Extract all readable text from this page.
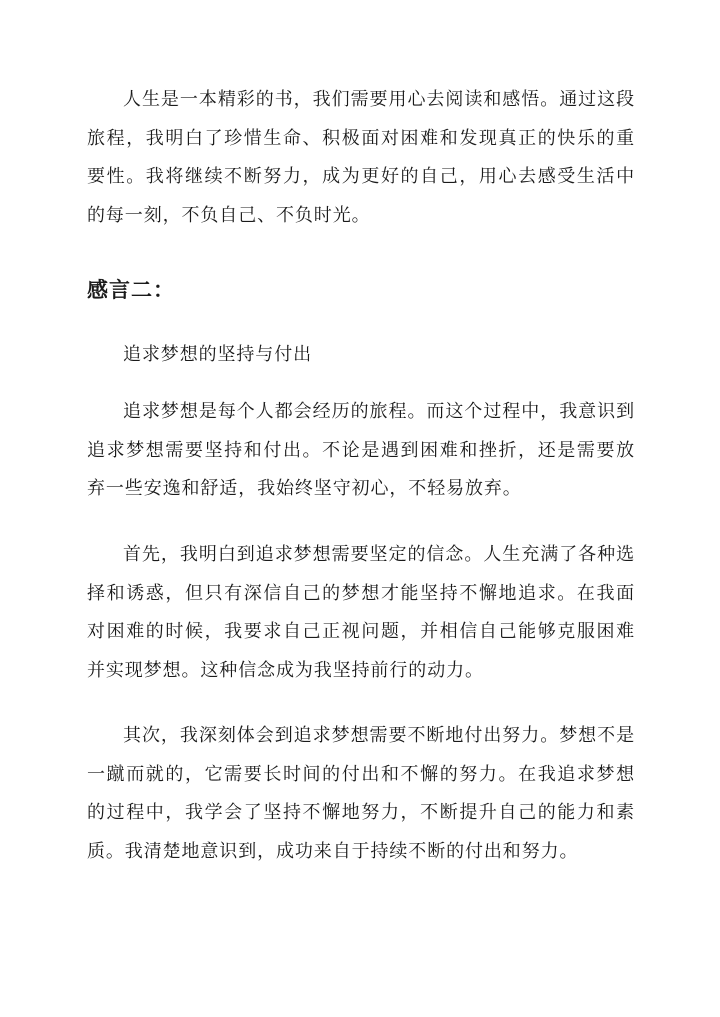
人生是一本精彩的书，我们需要用心去阅读和感悟。通过这段旅程，我明白了珍惜生命、积极面对困难和发现真正的快乐的重要性。我将继续不断努力，成为更好的自己，用心去感受生活中的每一刻，不负自己、不负时光。

感言二：

追求梦想的坚持与付出

追求梦想是每个人都会经历的旅程。而这个过程中，我意识到追求梦想需要坚持和付出。不论是遇到困难和挫折，还是需要放弃一些安逸和舒适，我始终坚守初心，不轻易放弃。

首先，我明白到追求梦想需要坚定的信念。人生充满了各种选择和诱惑，但只有深信自己的梦想才能坚持不懈地追求。在我面对困难的时候，我要求自己正视问题，并相信自己能够克服困难并实现梦想。这种信念成为我坚持前行的动力。

其次，我深刻体会到追求梦想需要不断地付出努力。梦想不是一蹴而就的，它需要长时间的付出和不懈的努力。在我追求梦想的过程中，我学会了坚持不懈地努力，不断提升自己的能力和素质。我清楚地意识到，成功来自于持续不断的付出和努力。
